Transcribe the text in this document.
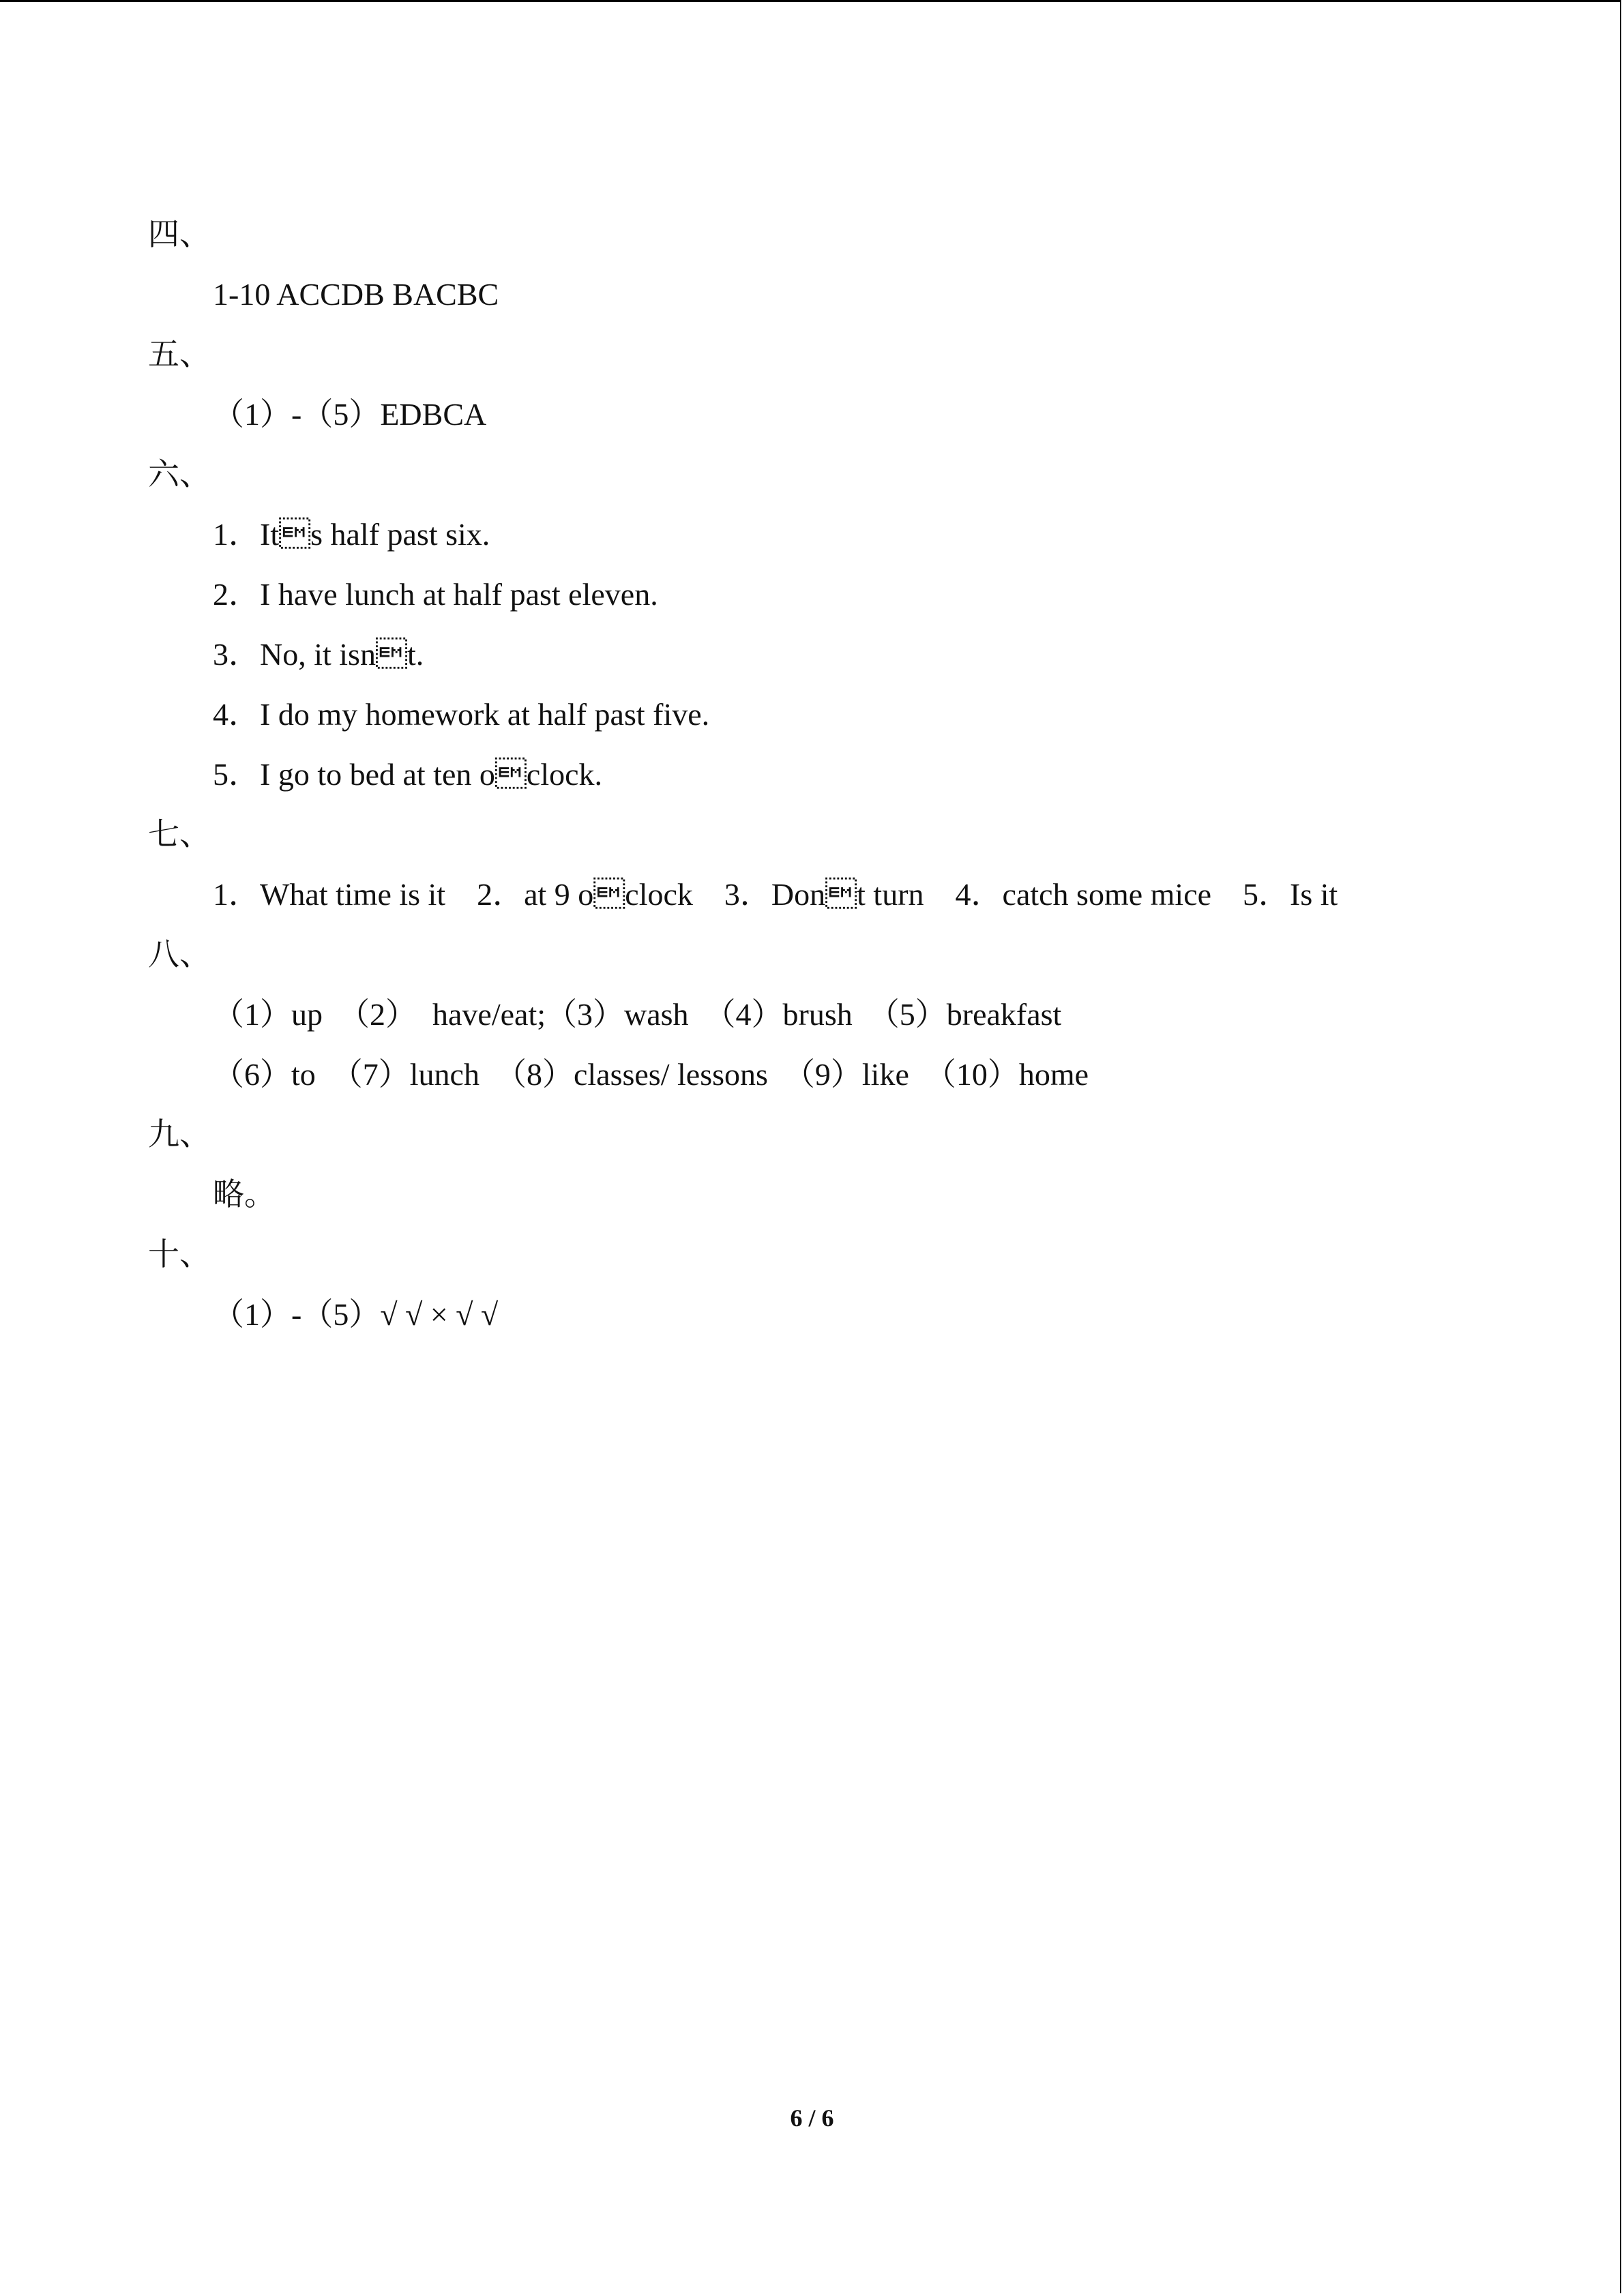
四、
1-10 ACCDB BACBC
五、
（1）-（5）EDBCA
六、
1．Its half past six.
2．I have lunch at half past eleven.
3．No, it isnt.
4．I do my homework at half past five.
5．I go to bed at ten oclock.
七、
1．What time is it    2．at 9 oclock    3．Dont turn    4．catch some mice    5．Is it
八、
（1）up  （2）  have/eat;（3）wash  （4）brush  （5）breakfast
（6）to  （7）lunch  （8）classes/ lessons  （9）like  （10）home
九、
略。
十、
（1）-（5）√ √ × √ √
6 / 6
